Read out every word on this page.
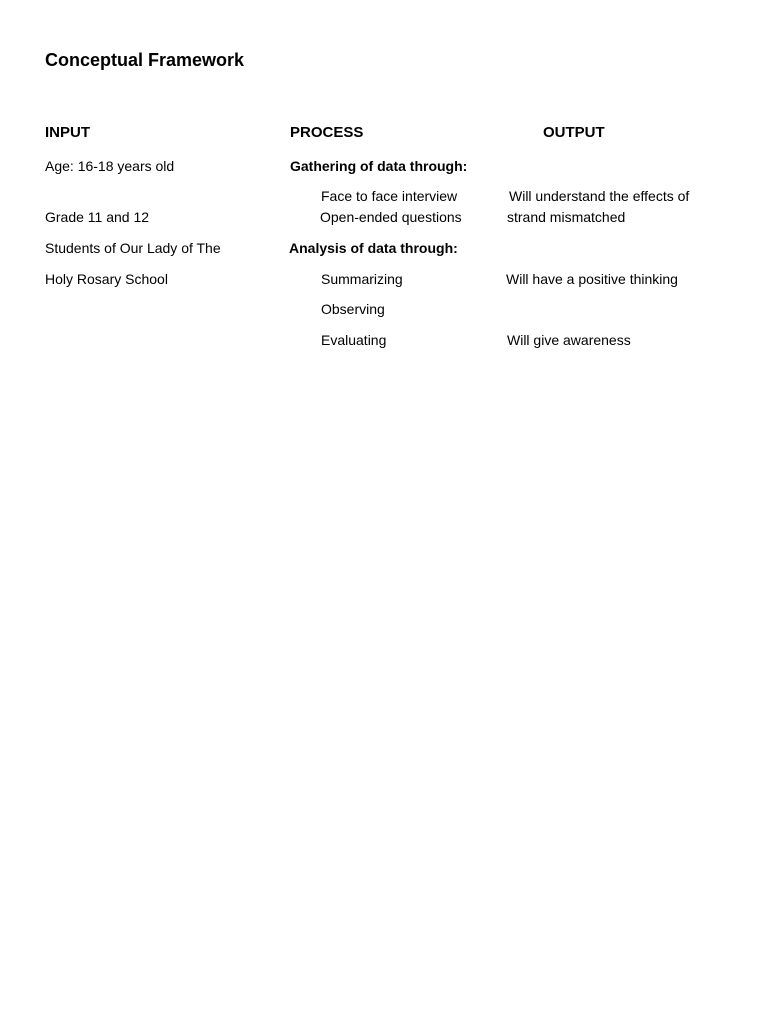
Conceptual Framework
INPUT
Age: 16-18 years old
Grade 11 and 12
Students of Our Lady of The
Holy Rosary School
PROCESS
Gathering of data through:
Face to face interview
Open-ended questions
Analysis of data through:
Summarizing
Observing
Evaluating
OUTPUT
Will understand the effects of
strand mismatched
Will have a positive thinking
Will give awareness
